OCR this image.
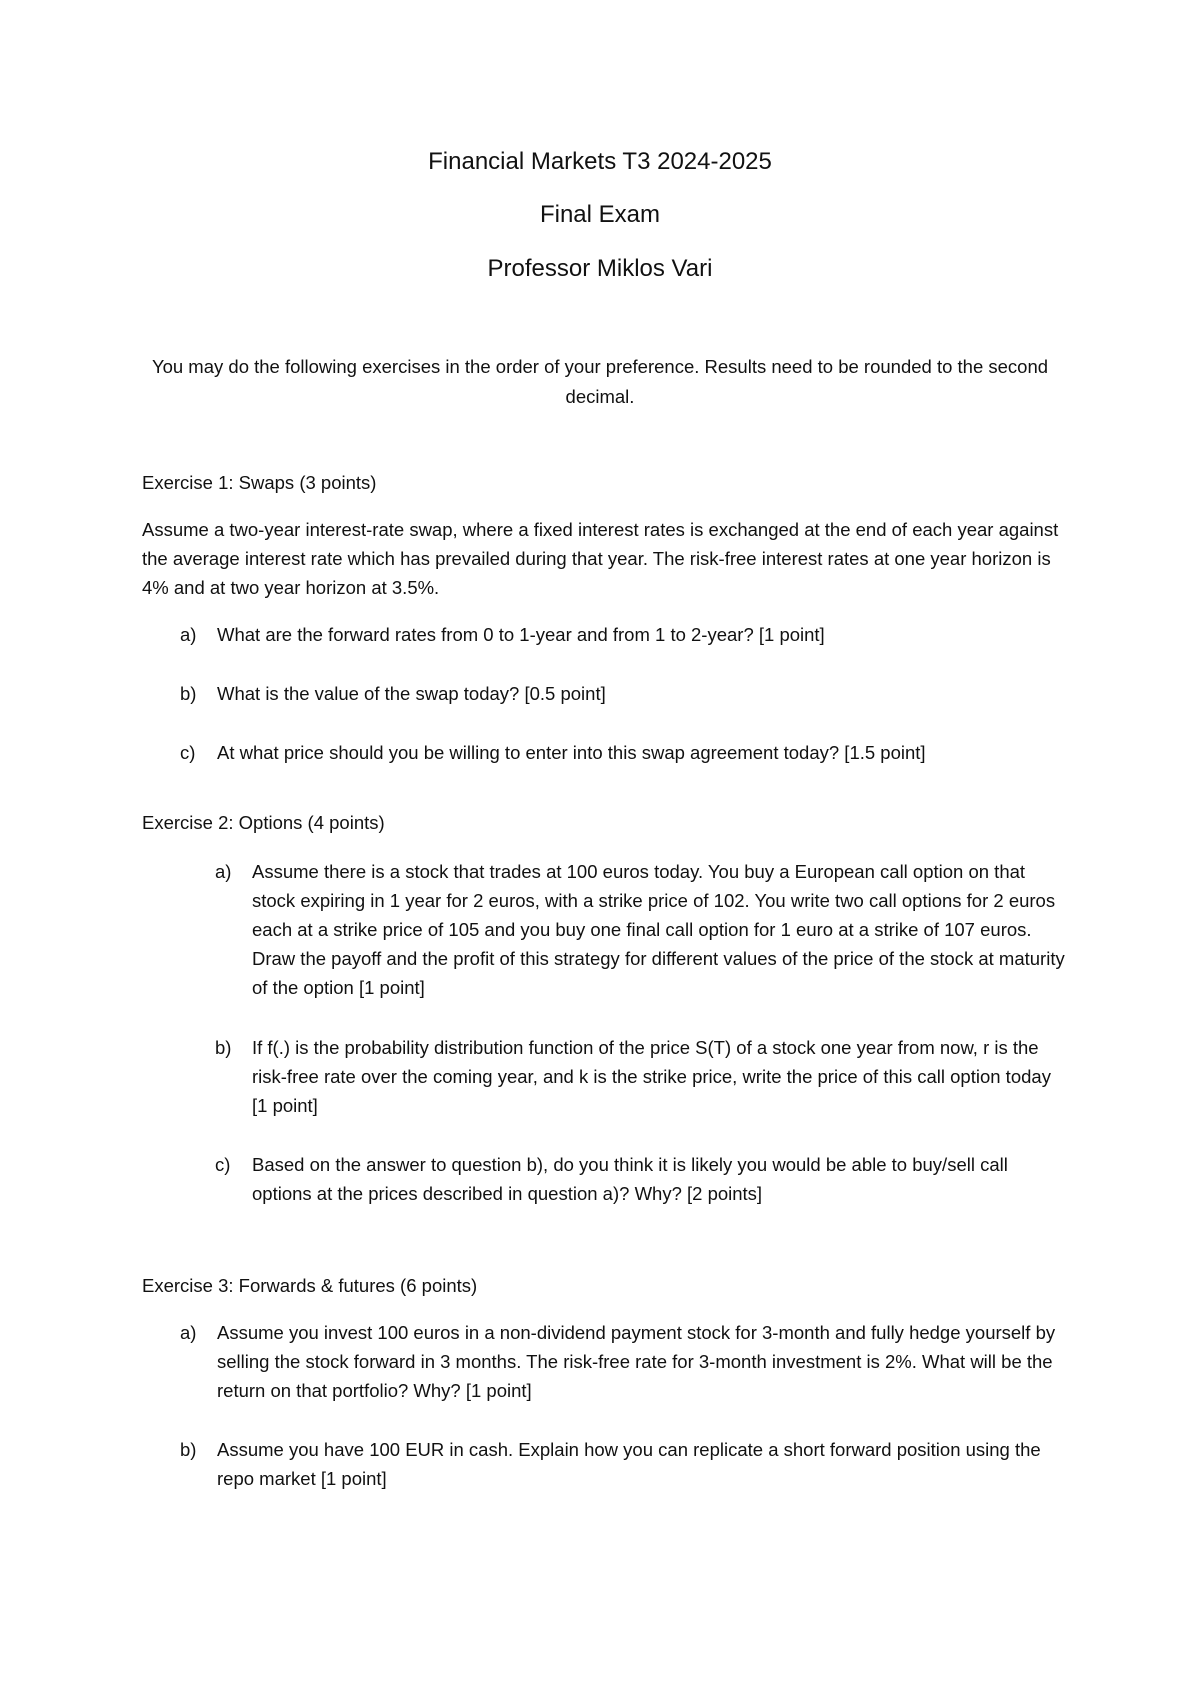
Financial Markets T3 2024-2025
Final Exam
Professor Miklos Vari
You may do the following exercises in the order of your preference. Results need to be rounded to the second decimal.
Exercise 1: Swaps (3 points)
Assume a two-year interest-rate swap, where a fixed interest rates is exchanged at the end of each year against the average interest rate which has prevailed during that year. The risk-free interest rates at one year horizon is 4% and at two year horizon at 3.5%.
a) What are the forward rates from 0 to 1-year and from 1 to 2-year? [1 point]
b) What is the value of the swap today? [0.5 point]
c) At what price should you be willing to enter into this swap agreement today? [1.5 point]
Exercise 2: Options (4 points)
a) Assume there is a stock that trades at 100 euros today. You buy a European call option on that stock expiring in 1 year for 2 euros, with a strike price of 102. You write two call options for 2 euros each at a strike price of 105 and you buy one final call option for 1 euro at a strike of 107 euros. Draw the payoff and the profit of this strategy for different values of the price of the stock at maturity of the option [1 point]
b) If f(.) is the probability distribution function of the price S(T) of a stock one year from now, r is the risk-free rate over the coming year, and k is the strike price, write the price of this call option today [1 point]
c) Based on the answer to question b), do you think it is likely you would be able to buy/sell call options at the prices described in question a)? Why? [2 points]
Exercise 3: Forwards & futures (6 points)
a) Assume you invest 100 euros in a non-dividend payment stock for 3-month and fully hedge yourself by selling the stock forward in 3 months. The risk-free rate for 3-month investment is 2%. What will be the return on that portfolio? Why? [1 point]
b) Assume you have 100 EUR in cash. Explain how you can replicate a short forward position using the repo market [1 point]
